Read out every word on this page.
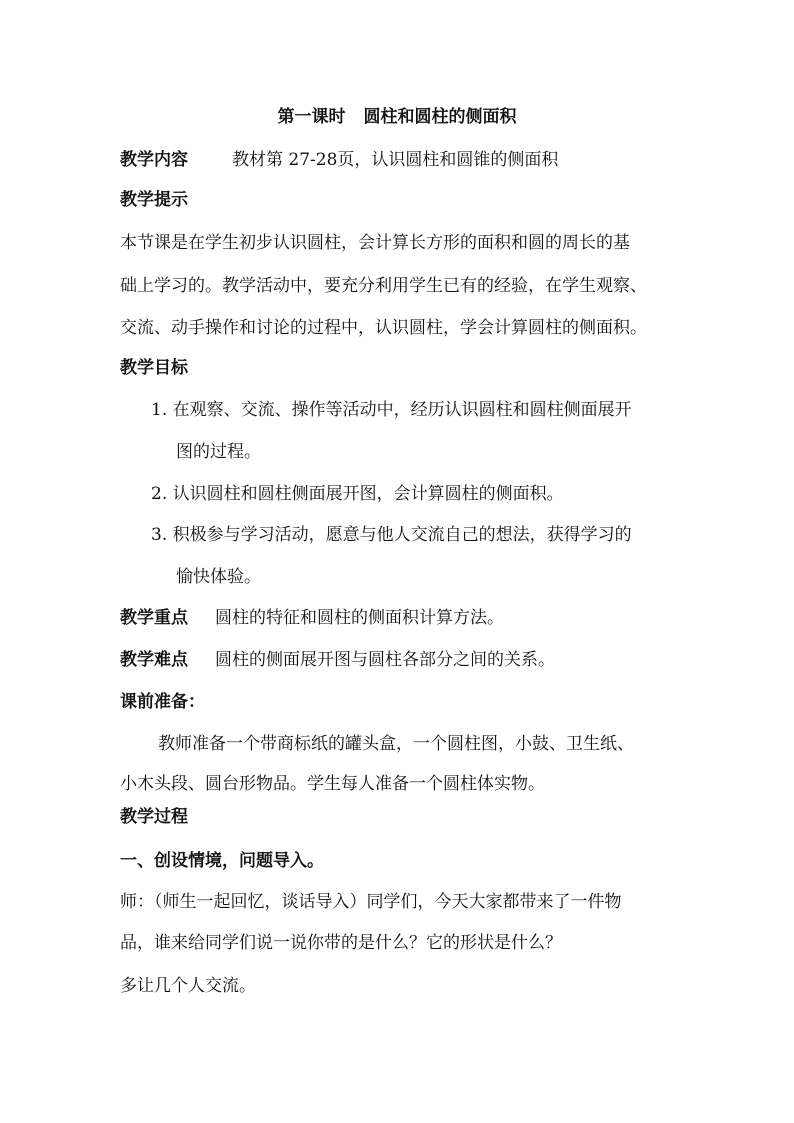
第一课时 圆柱和圆柱的侧面积
教学内容	教材第 27-28页，认识圆柱和圆锥的侧面积
教学提示
本节课是在学生初步认识圆柱，会计算长方形的面积和圆的周长的基
础上学习的。教学活动中，要充分利用学生已有的经验，在学生观察、
交流、动手操作和讨论的过程中，认识圆柱，学会计算圆柱的侧面积。
教学目标
1. 在观察、交流、操作等活动中，经历认识圆柱和圆柱侧面展开
图的过程。
2. 认识圆柱和圆柱侧面展开图，会计算圆柱的侧面积。
3. 积极参与学习活动，愿意与他人交流自己的想法，获得学习的
愉快体验。
教学重点 圆柱的特征和圆柱的侧面积计算方法。
教学难点 圆柱的侧面展开图与圆柱各部分之间的关系。
课前准备：
教师准备一个带商标纸的罐头盒，一个圆柱图，小鼓、卫生纸、
小木头段、圆台形物品。学生每人准备一个圆柱体实物。
教学过程
一、创设情境，问题导入。
师：（师生一起回忆，谈话导入）同学们，今天大家都带来了一件物
品，谁来给同学们说一说你带的是什么？它的形状是什么？
多让几个人交流。
